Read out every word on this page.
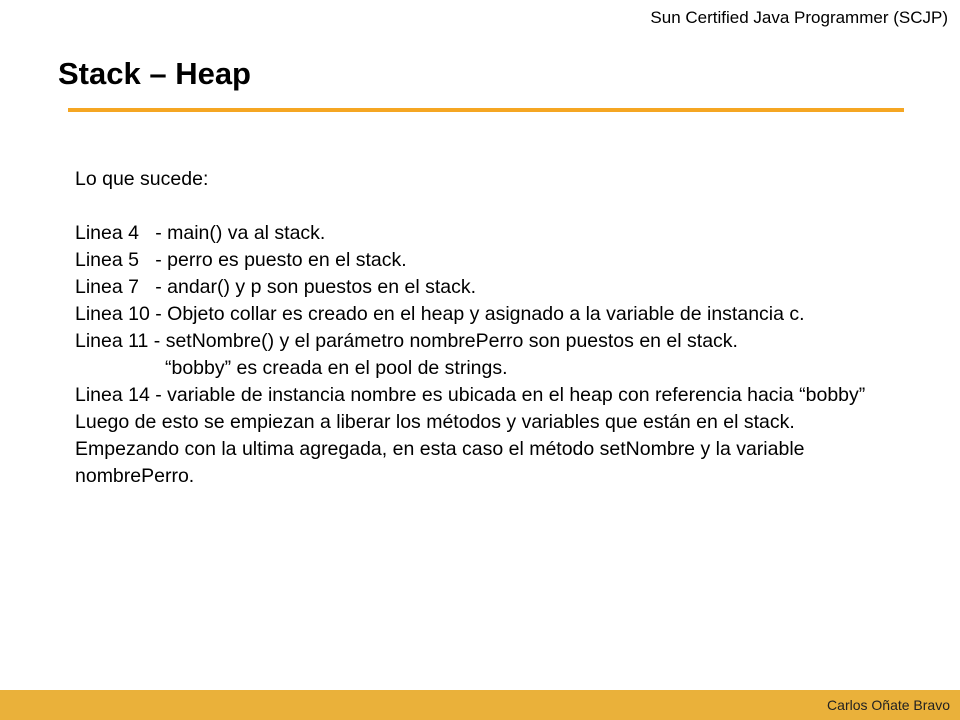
Sun Certified Java Programmer (SCJP)
Stack – Heap
Lo que sucede:
Linea 4   - main() va al stack.
Linea 5   - perro es puesto en el stack.
Linea 7   - andar() y p son puestos en el stack.
Linea 10 - Objeto collar es creado en el heap y asignado a la variable de instancia c.
Linea 11 - setNombre() y el parámetro nombrePerro son puestos en el stack.
“bobby” es creada en el pool de strings.
Linea 14 - variable de instancia nombre es ubicada en el heap con referencia hacia “bobby”
Luego de esto se empiezan a liberar los métodos y variables que están en el stack.
Empezando con la ultima agregada, en esta caso el método setNombre y la variable nombrePerro.
Carlos Oñate Bravo
